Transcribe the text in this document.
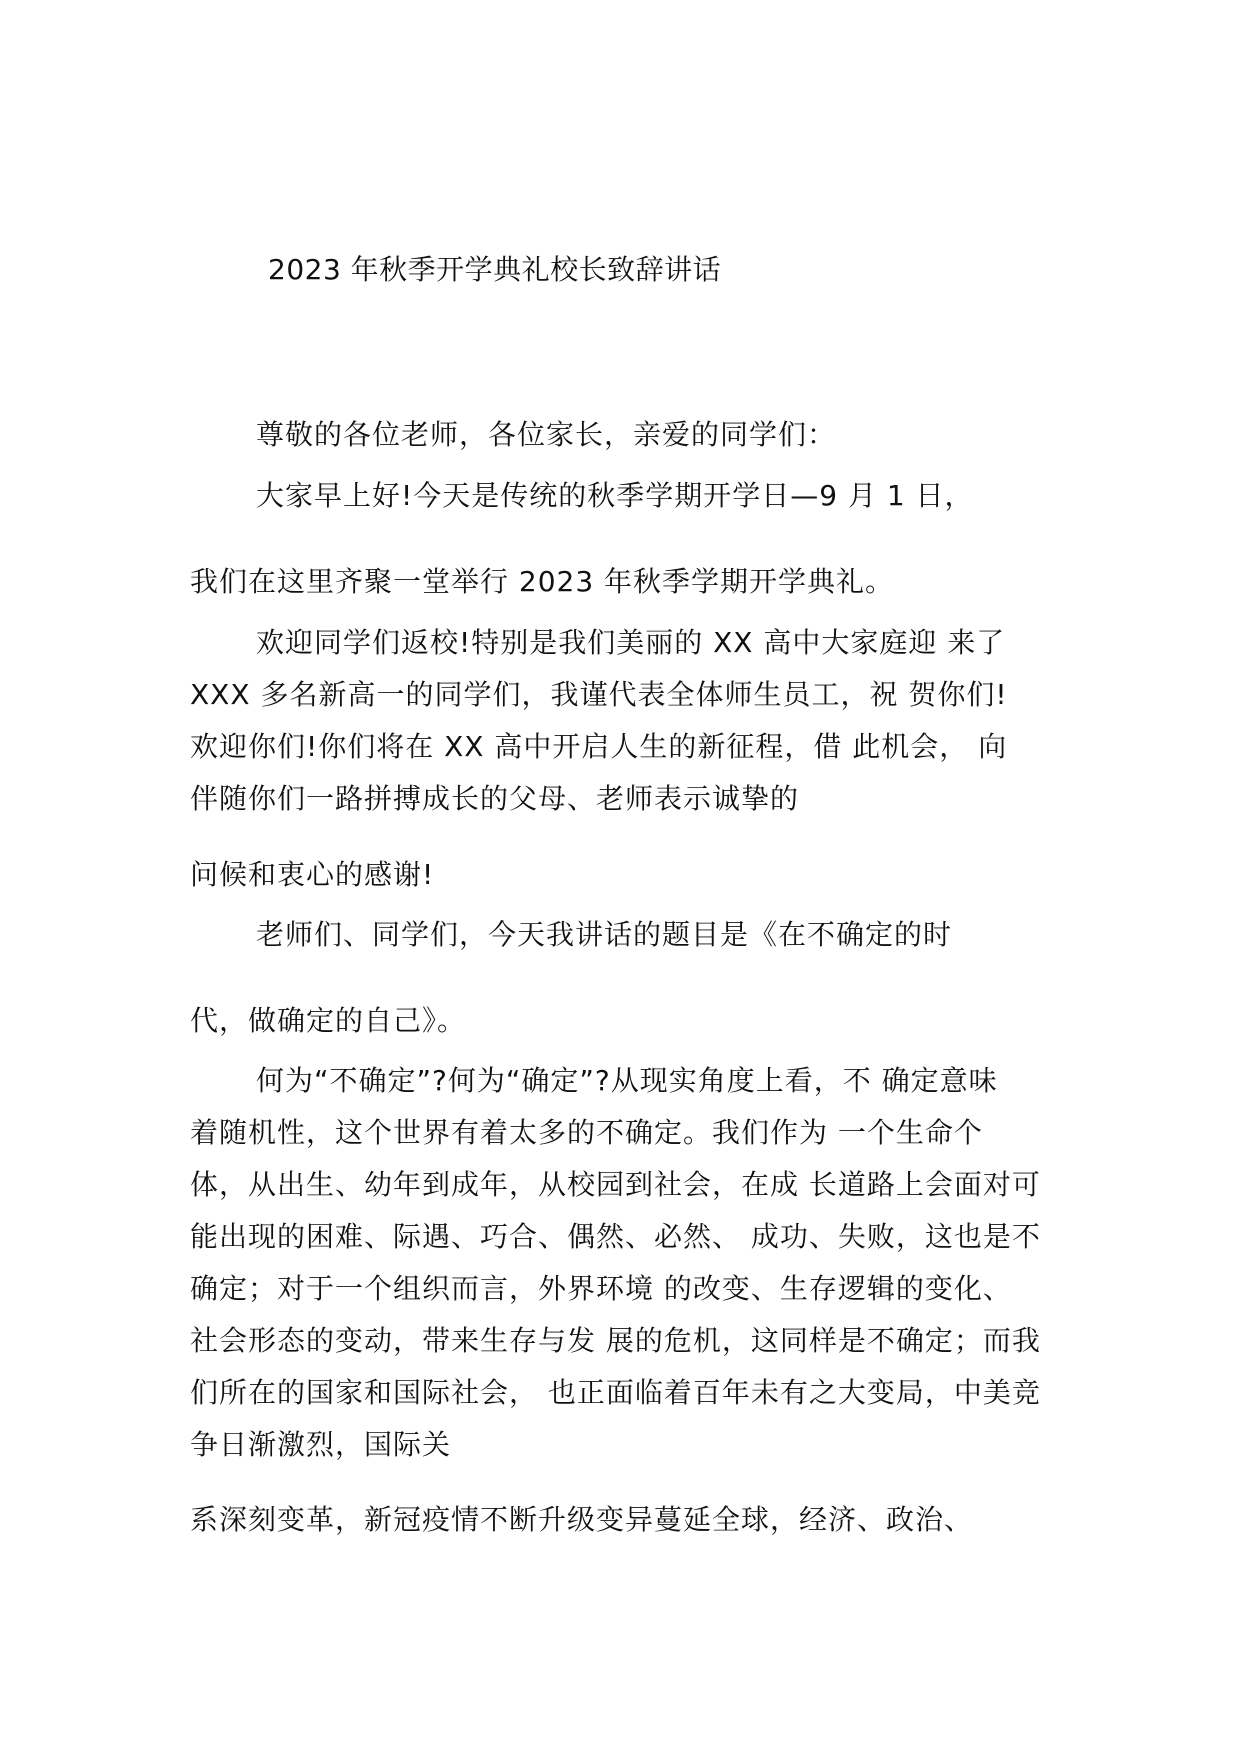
2023 年秋季开学典礼校长致辞讲话
尊敬的各位老师，各位家长，亲爱的同学们：
大家早上好!今天是传统的秋季学期开学日—9 月 1 日，
我们在这里齐聚一堂举行 2023 年秋季学期开学典礼。
欢迎同学们返校!特别是我们美丽的 XX 高中大家庭迎 来了
XXX 多名新高一的同学们，我谨代表全体师生员工，祝 贺你们!
欢迎你们!你们将在 XX 高中开启人生的新征程，借 此机会， 向
伴随你们一路拼搏成长的父母、老师表示诚挚的
问候和衷心的感谢!
老师们、同学们，今天我讲话的题目是《在不确定的时
代，做确定的自己》。
何为“不确定”?何为“确定”?从现实角度上看，不 确定意味
着随机性，这个世界有着太多的不确定。我们作为 一个生命个
体，从出生、幼年到成年，从校园到社会，在成 长道路上会面对可
能出现的困难、际遇、巧合、偶然、必然、 成功、失败，这也是不
确定；对于一个组织而言，外界环境 的改变、生存逻辑的变化、
社会形态的变动，带来生存与发 展的危机，这同样是不确定；而我
们所在的国家和国际社会， 也正面临着百年未有之大变局，中美竞
争日渐激烈，国际关
系深刻变革，新冠疫情不断升级变异蔓延全球，经济、政治、
